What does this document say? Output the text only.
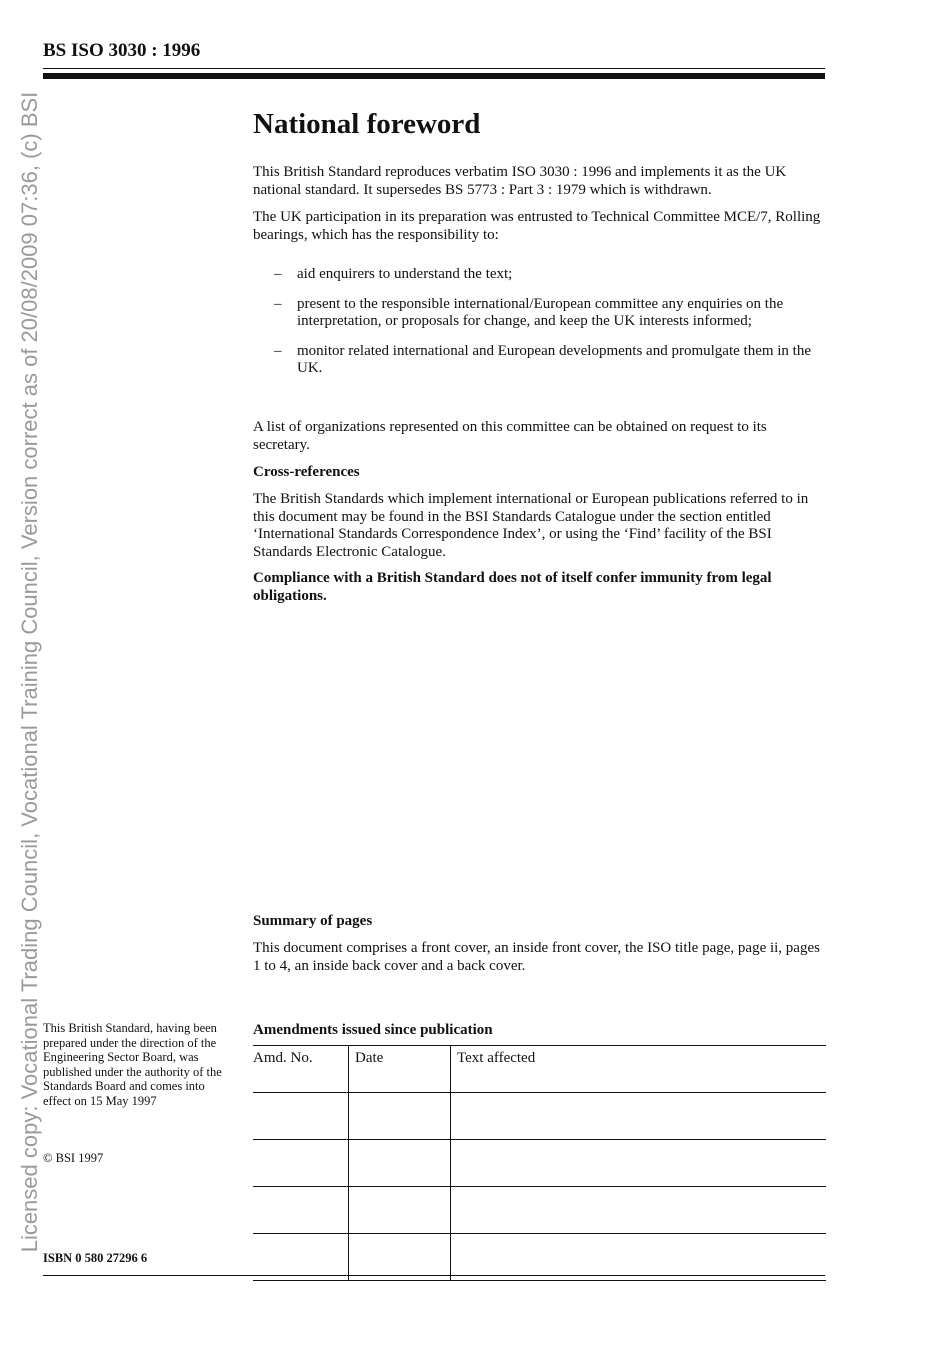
Licensed copy: Vocational Trading Council, Vocational Training Council, Version correct as of 20/08/2009 07:36, (c) BSI
BS ISO 3030 : 1996
National foreword

This British Standard reproduces verbatim ISO 3030 : 1996 and implements it as the UK national standard. It supersedes BS 5773 : Part 3 : 1979 which is withdrawn.

The UK participation in its preparation was entrusted to Technical Committee MCE/7, Rolling bearings, which has the responsibility to:

– aid enquirers to understand the text;
– present to the responsible international/European committee any enquiries on the interpretation, or proposals for change, and keep the UK interests informed;
– monitor related international and European developments and promulgate them in the UK.

A list of organizations represented on this committee can be obtained on request to its secretary.

Cross-references

The British Standards which implement international or European publications referred to in this document may be found in the BSI Standards Catalogue under the section entitled ‘International Standards Correspondence Index’, or using the ‘Find’ facility of the BSI Standards Electronic Catalogue.

Compliance with a British Standard does not of itself confer immunity from legal obligations.

Summary of pages

This document comprises a front cover, an inside front cover, the ISO title page, page ii, pages 1 to 4, an inside back cover and a back cover.

Amendments issued since publication

Amd. No.	Date	Text affected

This British Standard, having been prepared under the direction of the Engineering Sector Board, was published under the authority of the Standards Board and comes into effect on 15 May 1997
© BSI 1997
ISBN 0 580 27296 6
